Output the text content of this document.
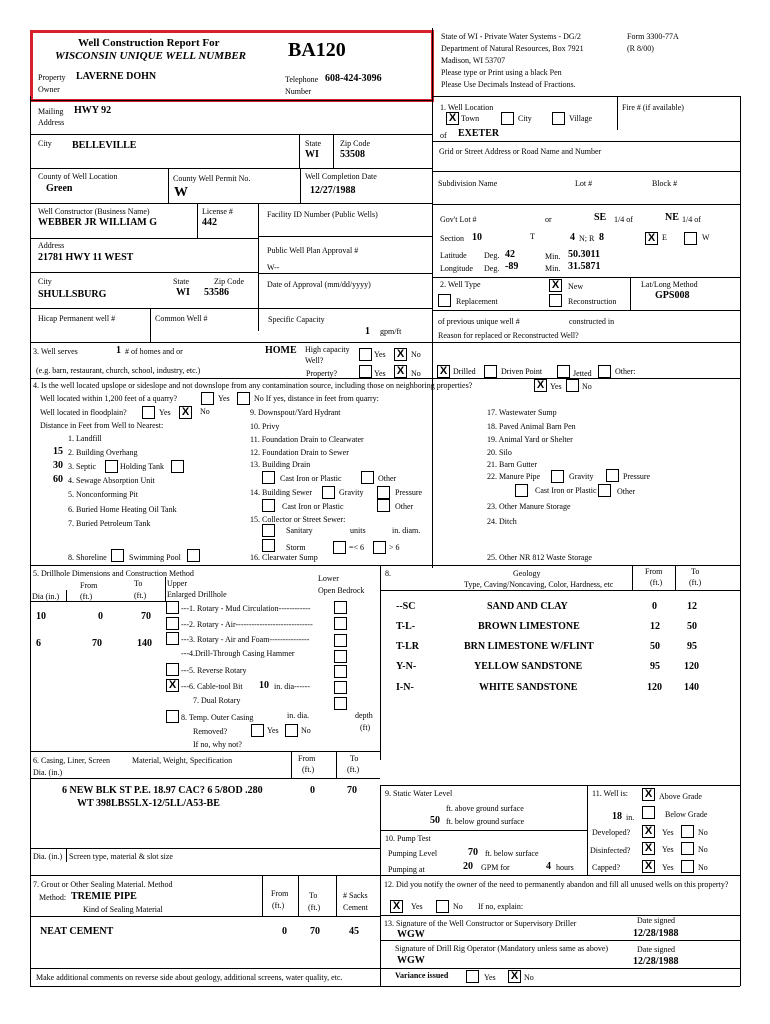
Well Construction Report For
WISCONSIN UNIQUE WELL NUMBER BA120
State of WI - Private Water Systems - DG/2
Department of Natural Resources, Box 7921
Madison, WI 53707
Please type or Print using a black Pen
Please Use Decimals Instead of Fractions.
Form 3300-77A
(R 8/00)
Property
Owner
LAVERNE DOHN	Telephone
Number
608-424-3096
Mailing
Address
HWY 92
City BELLEVILLE	State
WI
Zip Code
53508
County of Well Location
Green
County Well Permit No.
W
Well Completion Date
12/27/1988
1. Well Location	Fire # (if available)
X Town	City	Village
of EXETER
Grid or Street Address or Road Name and Number
Subdivision Name	Lot #	Block #
Gov't Lot #	or	SE 1/4 of	NE 1/4 of
Section 10	T	4 N; R 8	X E	W
Latitude Deg. 42	Min. 50.3011
Longitude Deg. -89	Min. 31.5871
2. Well Type	X	New
Replacement	Reconstruction
Lat/Long Method
GPS008
of previous unique well #	constructed in
Reason for replaced or Reconstructed Well?
Well Constructor (Business Name)
WEBBER JR WILLIAM G
License #
442
Facility ID Number (Public Wells)
Address
21781 HWY 11 WEST
Public Well Plan Approval #
W--
City
SHULLSBURG
State
WI
Zip Code
53586
Date of Approval (mm/dd/yyyy)
Hicap Permanent well #	Common Well #	Specific Capacity
1 gpm/ft
3. Well serves	1 # of homes and or	HOME
(e.g. barn, restaurant, church, school, industry, etc.)
High capacity
Well?
Yes X No
Property?	Yes X No X Drilled	Driven Point	Jetted	Other:
4. Is the well located upslope or sideslope and not downslope from any contamination source, including those on neighboring properties?	X Yes	No
Well located within 1,200 feet of a quarry?	Yes	No If yes, distance in feet from quarry:
Well located in floodplain?	Yes X	No
Distance in Feet from Well to Nearest:
1. Landfill
15 2. Building Overhang
30 3. Septic	Holding Tank
60 4. Sewage Absorption Unit
5. Nonconforming Pit
6. Buried Home Heating Oil Tank
7. Buried Petroleum Tank
8. Shoreline	Swimming Pool
9. Downspout/Yard Hydrant
10. Privy
11. Foundation Drain to Clearwater
12. Foundation Drain to Sewer
13. Building Drain
Cast Iron or Plastic	Other
14. Building Sewer	Gravity	Pressure
Cast Iron or Plastic	Other
15. Collector or Street Sewer:
Sanitary	units	in. diam.
Storm	=< 6	> 6
16. Clearwater Sump
17. Wastewater Sump
18. Paved Animal Barn Pen
19. Animal Yard or Shelter
20. Silo
21. Barn Gutter
22. Manure Pipe	Gravity	Pressure
Cast Iron or Plastic	Other
23. Other Manure Storage
24. Ditch
25. Other NR 812 Waste Storage
5. Drillhole Dimensions and Construction Method
From	To	Upper
Lower
Open Bedrock
Dia (in.)	(ft.)	(ft.)	Enlarged Drillhole
10	0	70
6	70	140
---1. Rotary - Mud Circulation------------
---2. Rotary - Air-----------------------------
---3. Rotary - Air and Foam---------------
---4.Drill-Through Casing Hammer
---5. Reverse Rotary
X ---6. Cable-tool Bit 10 in. dia------
7. Dual Rotary
8. Temp. Outer Casing	in. dia.	depth
(ft)
Removed?	Yes	No
If no, why not?
8.	Geology
Type, Caving/Noncaving, Color, Hardness, etc
From
(ft.)
To
(ft.)
--SC	SAND AND CLAY	0	12
T-L-	BROWN LIMESTONE	12	50
T-LR	BRN LIMESTONE W/FLINT	50	95
Y-N-	YELLOW SANDSTONE	95 120
I-N-	WHITE SANDSTONE	120 140
6. Casing, Liner, Screen	Material, Weight, Specification	From
(ft.)
To
(ft.)
Dia. (in.)
6 NEW BLK ST P.E. 18.97 CAC? 6 5/8OD .280
WT 398LBS5LX-12/5LL/A53-BE
0	70
Dia. (in.) Screen type, material & slot size
7. Grout or Other Sealing Material. Method
Method: TREMIE PIPE
Kind of Sealing Material
From
(ft.)
To
(ft.)
# Sacks
Cement
NEAT CEMENT	0 70	45
9. Static Water Level
ft. above ground surface
50 ft. below ground surface
11. Well is: X Above Grade
18 in.	Below Grade
Developed? X	Yes	No
Disinfected? X	Yes	No
Capped? X	Yes	No
10. Pump Test
Pumping Level	70 ft. below surface
Pumping at	20 GPM for	4 hours
12. Did you notify the owner of the need to permanently abandon and fill all unused wells on this property?
X	Yes	No If no, explain:
13. Signature of the Well Constructor or Supervisory Driller	Date signed
WGW	12/28/1988
Signature of Drill Rig Operator (Mandatory unless same as above)	Date signed
WGW	12/28/1988
Variance issued	Yes X No
Make additional comments on reverse side about geology, additional screens, water quality, etc.
